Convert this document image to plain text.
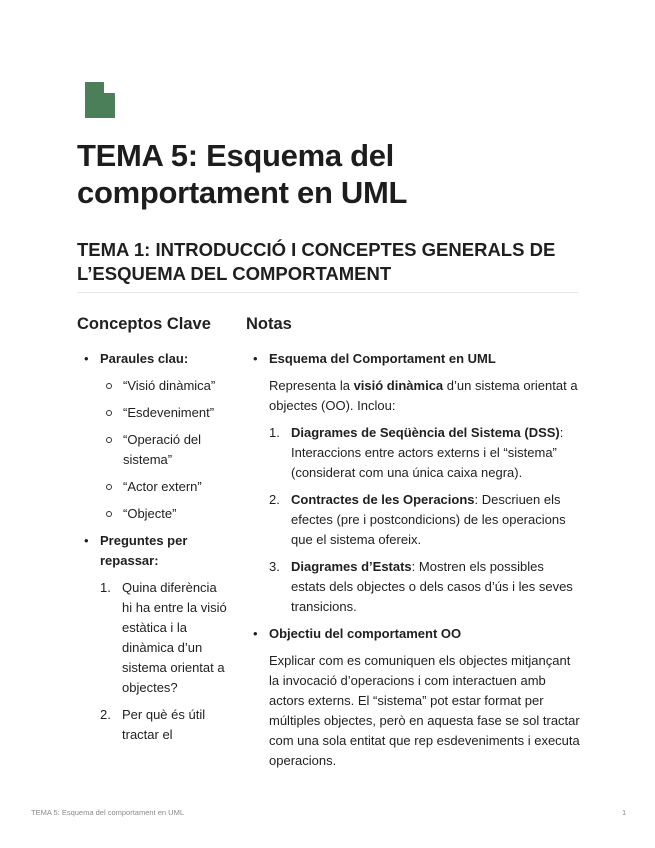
TEMA 5: Esquema del comportament en UML
TEMA 1: INTRODUCCIÓ I CONCEPTES GENERALS DE L’ESQUEMA DEL COMPORTAMENT
Conceptos Clave
• Paraules clau:
“Visió dinàmica”
“Esdeveniment”
“Operació del sistema”
“Actor extern”
“Objecte”
• Preguntes per repassar:
Quina diferència hi ha entre la visió estàtica i la dinàmica d’un sistema orientat a objectes?
Per què és útil tractar el
Notas
• Esquema del Comportament en UML

Representa la visió dinàmica d’un sistema orientat a objectes (OO). Inclou:

Diagrames de Seqüència del Sistema (DSS): Interaccions entre actors externs i el “sistema” (considerat com una única caixa negra).
Contractes de les Operacions: Descriuen els efectes (pre i postcondicions) de les operacions que el sistema ofereix.
Diagrames d’Estats: Mostren els possibles estats dels objectes o dels casos d’ús i les seves transicions.
• Objectiu del comportament OO

Explicar com es comuniquen els objectes mitjançant la invocació d’operacions i com interactuen amb actors externs. El “sistema” pot estar format per múltiples objectes, però en aquesta fase se sol tractar com una sola entitat que rep esdeveniments i executa operacions.

TEMA 5: Esquema del comportament en UML	1
